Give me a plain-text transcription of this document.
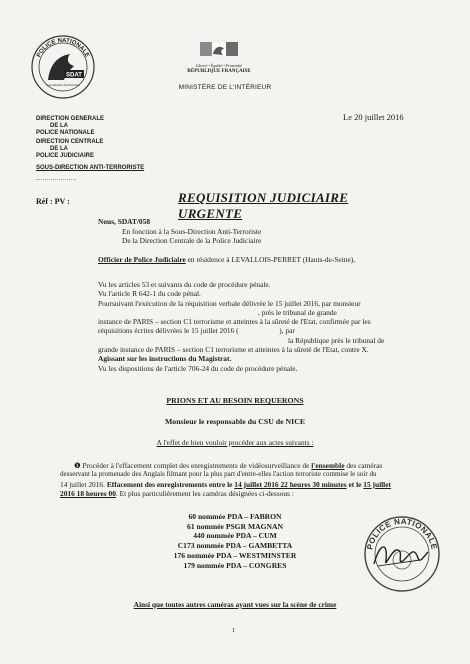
POLICE NATIONALE
SDAT
Sous-Direction Anti-Terroriste
Liberté • Égalité • Fraternité
RÉPUBLIQUE FRANÇAISE
MINISTÈRE DE L'INTÉRIEUR
Le 20 juillet 2016
DIRECTION GENERALE
DE LA
POLICE NATIONALE
DIRECTION CENTRALE
DE LA
POLICE JUDICIAIRE
SOUS-DIRECTION ANTI-TERRORISTE
Réf : PV :	REQUISITION JUDICIAIRE URGENTE
Nous, SDAT/058
En fonction à la Sous-Direction Anti-Terroriste
De la Direction Centrale de la Police Judiciaire
Officier de Police Judiciaire en résidence à LEVALLOIS-PERRET (Hauts-de-Seine),
Vu les articles 53 et suivants du code de procédure pénale.
Vu l'article R 642-1 du code pénal.
Poursuivant l'exécution de la réquisition verbale délivrée le 15 juillet 2016, par monsieur
, près le tribunal de grande
instance de PARIS – section C1 terrorisme et atteintes à la sûreté de l'Etat, confirmée par les
réquisitions écrites délivrées le 15 juillet 2016 (	), par
la République près le tribunal de
grande instance de PARIS – section C1 terrorisme et atteintes à la sûreté de l'Etat, contre X.
Agissant sur les instructions du Magistrat.
Vu les dispositions de l'article 706-24 du code de procédure pénale.
PRIONS ET AU BESOIN REQUERONS
Monsieur le responsable du CSU de NICE
A l'effet de bien vouloir procéder aux actes suivants :
❶ Procéder à l'effacement complet des enregistrements de vidéosurveillance de l'ensemble des caméras
desservant la promenade des Anglais filmant pour la plus part d'entre-elles l'action terroriste commise le soir du
14 juillet 2016. Effacement des enregistrements entre le 14 juillet 2016 22 heures 30 minutes et le 15 juillet
2016 18 heures 00. Et plus particulièrement les caméras désignées ci-dessous :
60 nommée PDA – FABRON
61 nommée PSGR MAGNAN
440 nommée PDA – CUM
C173 nommée PDA – GAMBETTA
176 nommée PDA – WESTMINSTER
179 nommée PDA – CONGRES
POLICE NATIONALE
Ainsi que toutes autres caméras ayant vues sur la scène de crime
1
